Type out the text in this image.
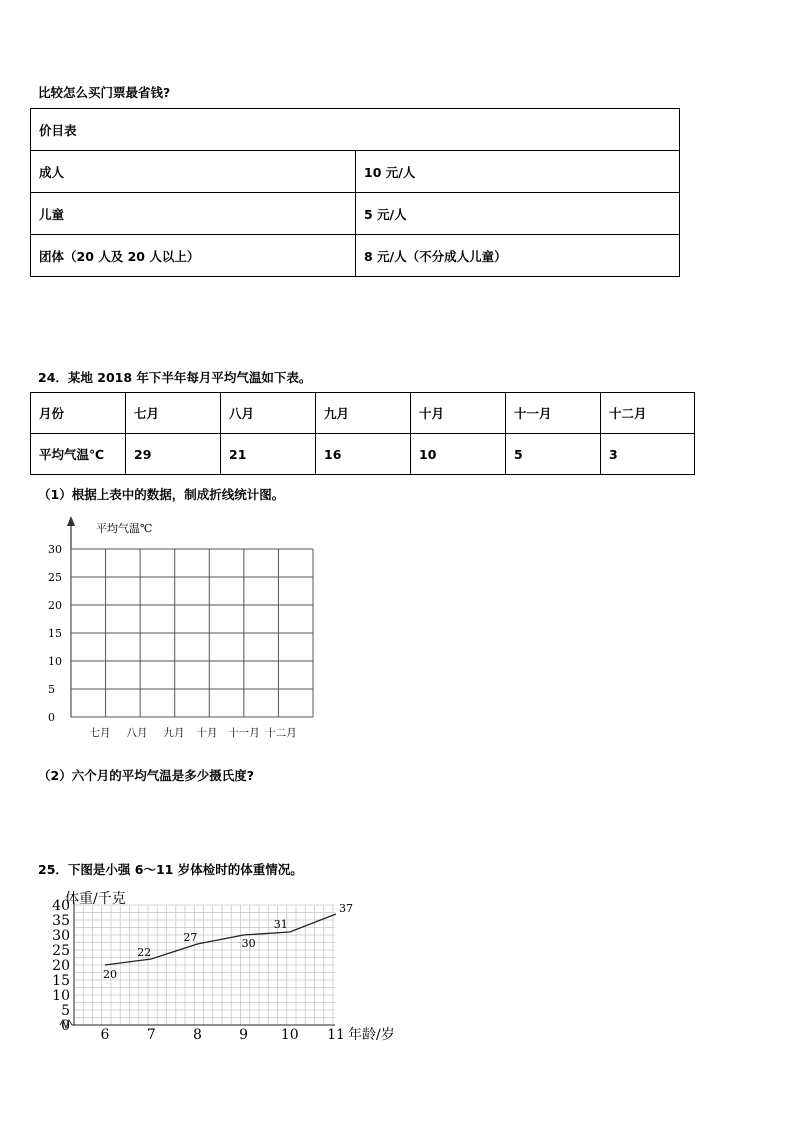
比较怎么买门票最省钱?
价目表	
成人	10 元/人
儿童	5 元/人
团体（20 人及 20 人以上）	8 元/人（不分成人儿童）
24．某地 2018 年下半年每月平均气温如下表。
月份	七月	八月	九月	十月	十一月	十二月
平均气温℃	29	21	16	10	5	3
（1）根据上表中的数据，制成折线统计图。
平均气温℃
30
25
20
15
10
5
0
七月 八月 九月 十月 十一月 十二月
（2）六个月的平均气温是多少摄氏度?
25．下图是小强 6～11 岁体检时的体重情况。
体重/千克
年龄/岁
40
35
30
25
20
15
10
5
0
6	7	8	9 10 11
20
22
27	30
31
37
